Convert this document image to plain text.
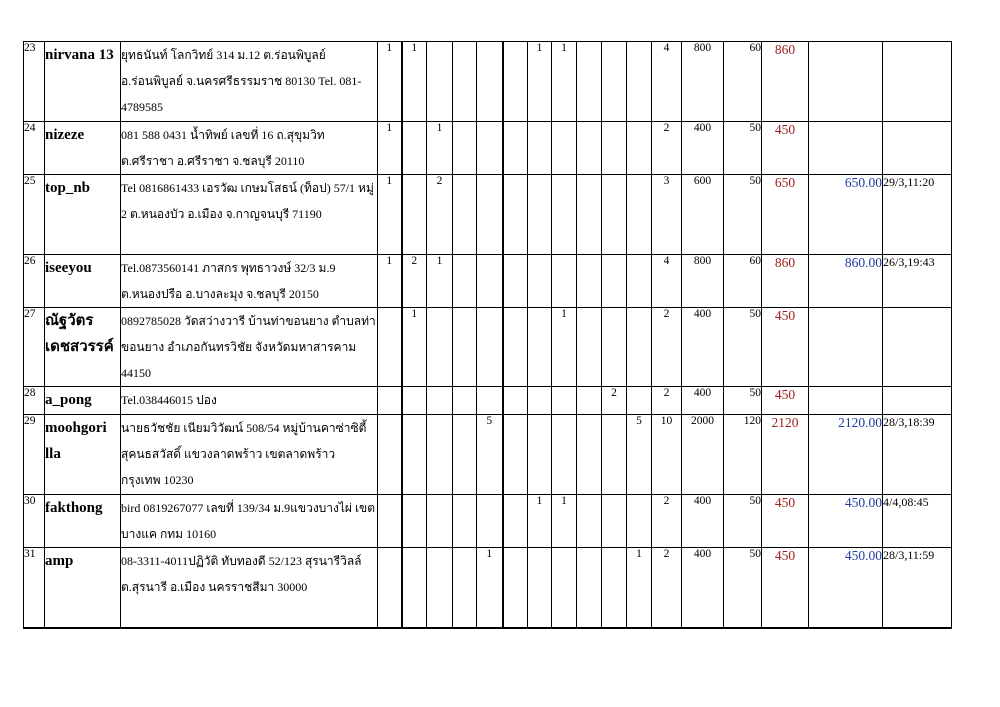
23	nirvana 13	ยุทธนันท์ โลกวิทย์ 314 ม.12 ต.ร่อนพิบูลย์ อ.ร่อนพิบูลย์ จ.นครศรีธรรมราช 80130 Tel. 081-4789585	1	1					1	1				4	800	60	860		
24	nizeze	081 588 0431 น้ำทิพย์ เลขที่ 16 ถ.สุขุมวิท ต.ศรีราชา อ.ศรีราชา จ.ชลบุรี 20110	1		1									2	400	50	450		
25	top_nb	Tel 0816861433 เอรวัฒ เกษมโสธน์ (ท็อป) 57/1 หมู่ 2 ต.หนองบัว อ.เมือง จ.กาญจนบุรี 71190	1		2									3	600	50	650	650.00	29/3,11:20
26	iseeyou	Tel.0873560141 ภาสกร พุทธาวงษ์ 32/3 ม.9 ต.หนองปรือ อ.บางละมุง จ.ชลบุรี 20150	1	2	1									4	800	60	860	860.00	26/3,19:43
27	ณัฐวัตร เดชสวรรค์	0892785028 วัดสว่างวารี บ้านท่าขอนยาง ตำบลท่าขอนยาง อำเภอกันทรวิชัย จังหวัดมหาสารคาม 44150		1						1				2	400	50	450		
28	a_pong	Tel.038446015 ปอง										2		2	400	50	450		
29	moohgori lla	นายธวัชชัย เนียมวิวัฒน์ 508/54 หมู่บ้านคาซ่าซิตี้สุคนธสวัสดิ์ แขวงลาดพร้าว เขตลาดพร้าว กรุงเทพ 10230					5						5	10	2000	120	2120	2120.00	28/3,18:39
30	fakthong	bird 0819267077 เลขที่ 139/34 ม.9แขวงบางไผ่ เขตบางแค กทม 10160							1	1				2	400	50	450	450.00	4/4,08:45
31	amp	08-3311-4011ปฏิวัติ ทับทองดี 52/123 สุรนารีวิลล์ ต.สุรนารี อ.เมือง นครราชสีมา 30000					1						1	2	400	50	450	450.00	28/3,11:59
